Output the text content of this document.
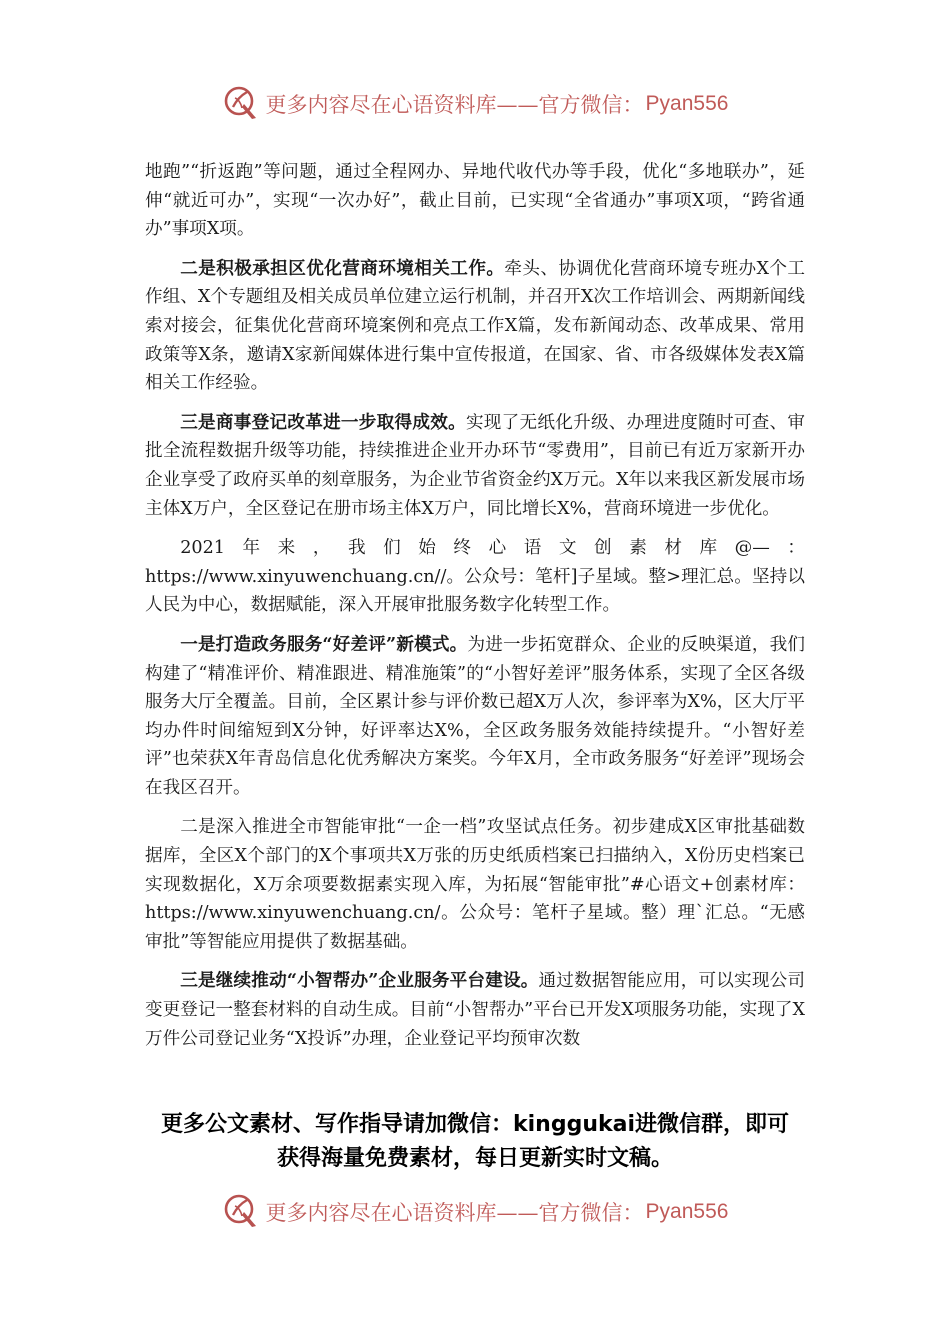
更多内容尽在心语资料库——官方微信： Pyan556

地跑”“折返跑”等问题，通过全程网办、异地代收代办等手段，优化“多地联办”，延伸“就近可办”，实现“一次办好”，截止目前，已实现“全省通办”事项X项，“跨省通办”事项X项。

二是积极承担区优化营商环境相关工作。牵头、协调优化营商环境专班办X个工作组、X个专题组及相关成员单位建立运行机制，并召开X次工作培训会、两期新闻线索对接会，征集优化营商环境案例和亮点工作X篇，发布新闻动态、改革成果、常用政策等X条，邀请X家新闻媒体进行集中宣传报道，在国家、省、市各级媒体发表X篇相关工作经验。

三是商事登记改革进一步取得成效。实现了无纸化升级、办理进度随时可查、审批全流程数据升级等功能，持续推进企业开办环节“零费用”，目前已有近万家新开办企业享受了政府买单的刻章服务，为企业节省资金约X万元。X年以来我区新发展市场主体X万户，全区登记在册市场主体X万户，同比增长X%，营商环境进一步优化。

2021年来，我们始终心语文创素材库@—：https://www.xinyuwenchuang.cn//。公众号：笔杆]子星域。整>理汇总。坚持以人民为中心，数据赋能，深入开展审批服务数字化转型工作。

一是打造政务服务“好差评”新模式。为进一步拓宽群众、企业的反映渠道，我们构建了“精准评价、精准跟进、精准施策”的“小智好差评”服务体系，实现了全区各级服务大厅全覆盖。目前，全区累计参与评价数已超X万人次，参评率为X%，区大厅平均办件时间缩短到X分钟，好评率达X%，全区政务服务效能持续提升。“小智好差评”也荣获X年青岛信息化优秀解决方案奖。今年X月，全市政务服务“好差评”现场会在我区召开。

二是深入推进全市智能审批“一企一档”攻坚试点任务。初步建成X区审批基础数据库，全区X个部门的X个事项共X万张的历史纸质档案已扫描纳入，X份历史档案已实现数据化，X万余项要数据素实现入库，为拓展“智能审批”#心语文+创素材库：https://www.xinyuwenchuang.cn/。公众号：笔杆子星域。整）理`汇总。“无感审批”等智能应用提供了数据基础。

三是继续推动“小智帮办”企业服务平台建设。通过数据智能应用，可以实现公司变更登记一整套材料的自动生成。目前“小智帮办”平台已开发X项服务功能，实现了X万件公司登记业务“X投诉”办理，企业登记平均预审次数

更多公文素材、写作指导请加微信：kinggukai进微信群，即可
获得海量免费素材，每日更新实时文稿。
更多内容尽在心语资料库——官方微信： Pyan556
